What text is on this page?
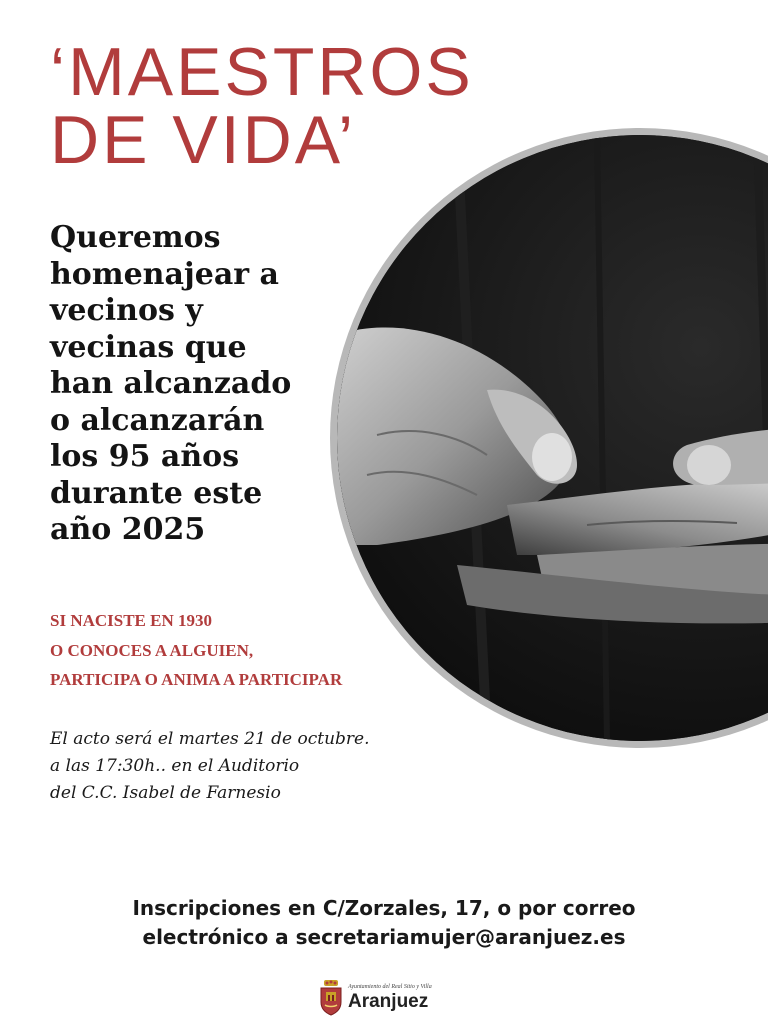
‘MAESTROS
DE VIDA’

Queremos homenajear a vecinos y vecinas que han alcanzado o alcanzarán los 95 años durante este año 2025

SI NACISTE EN 1930
O CONOCES A ALGUIEN,
PARTICIPA O ANIMA A PARTICIPAR

El acto será el martes 21 de octubre.
a las 17:30h.. en el Auditorio
del C.C. Isabel de Farnesio

Inscripciones en C/Zorzales, 17, o por correo
electrónico a secretariamujer@aranjuez.es

Ayuntamiento del Real Sitio y Villa
Aranjuez
